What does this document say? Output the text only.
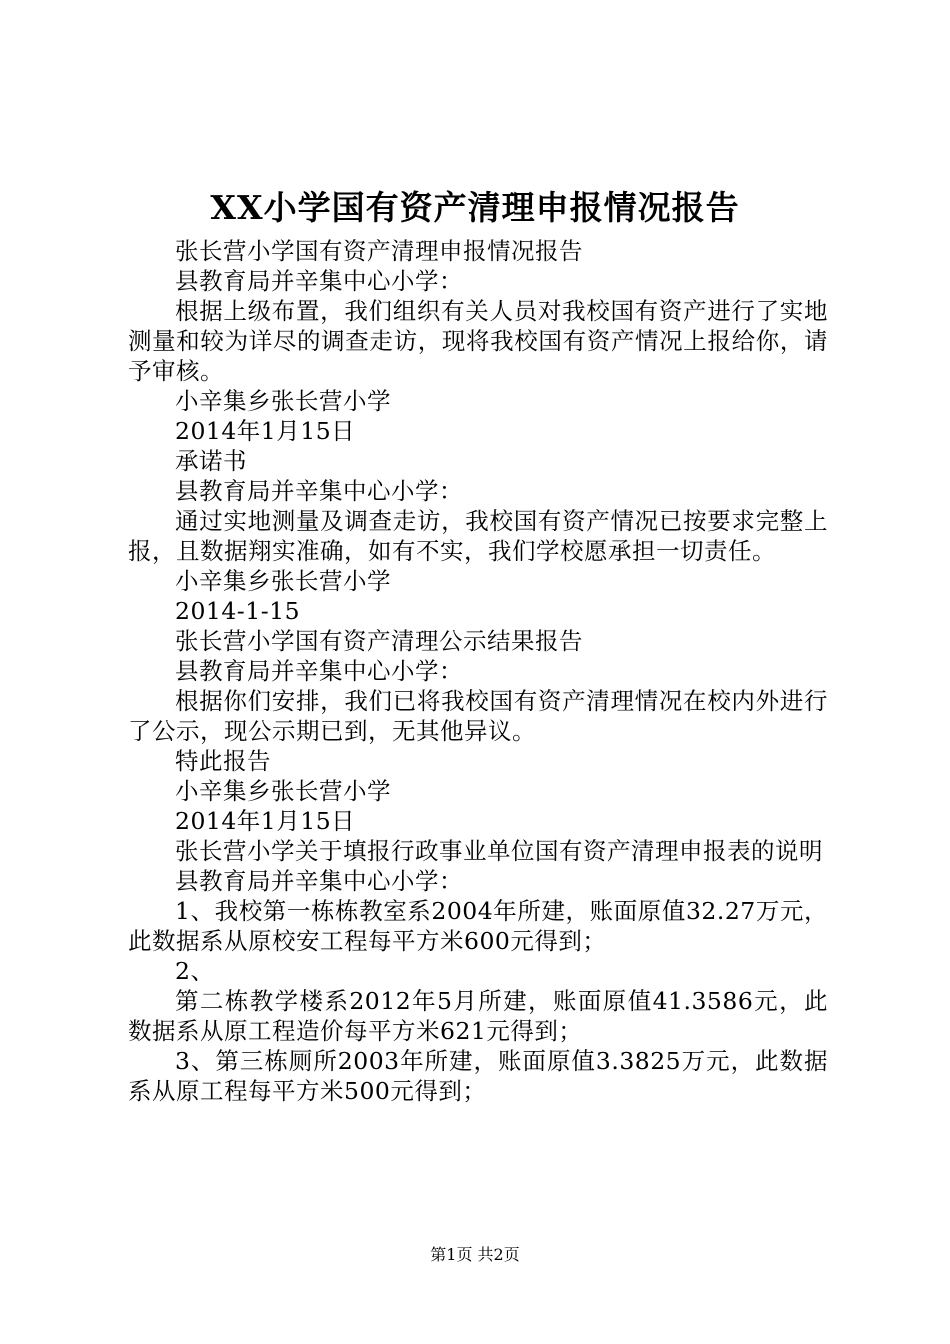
XX小学国有资产清理申报情况报告

张长营小学国有资产清理申报情况报告

县教育局并辛集中心小学：

根据上级布置，我们组织有关人员对我校国有资产进行了实地测量和较为详尽的调查走访，现将我校国有资产情况上报给你，请予审核。

小辛集乡张长营小学

2014年1月15日

承诺书

县教育局并辛集中心小学：

通过实地测量及调查走访，我校国有资产情况已按要求完整上报，且数据翔实准确，如有不实，我们学校愿承担一切责任。

小辛集乡张长营小学

2014-1-15

张长营小学国有资产清理公示结果报告

县教育局并辛集中心小学：

根据你们安排，我们已将我校国有资产清理情况在校内外进行了公示，现公示期已到，无其他异议。

特此报告

小辛集乡张长营小学

2014年1月15日

张长营小学关于填报行政事业单位国有资产清理申报表的说明

县教育局并辛集中心小学：

1、我校第一栋栋教室系2004年所建，账面原值32.27万元，此数据系从原校安工程每平方米600元得到；

2、

第二栋教学楼系2012年5月所建，账面原值41.3586元，此数据系从原工程造价每平方米621元得到；

3、第三栋厕所2003年所建，账面原值3.3825万元，此数据系从原工程每平方米500元得到；

第1页 共2页
